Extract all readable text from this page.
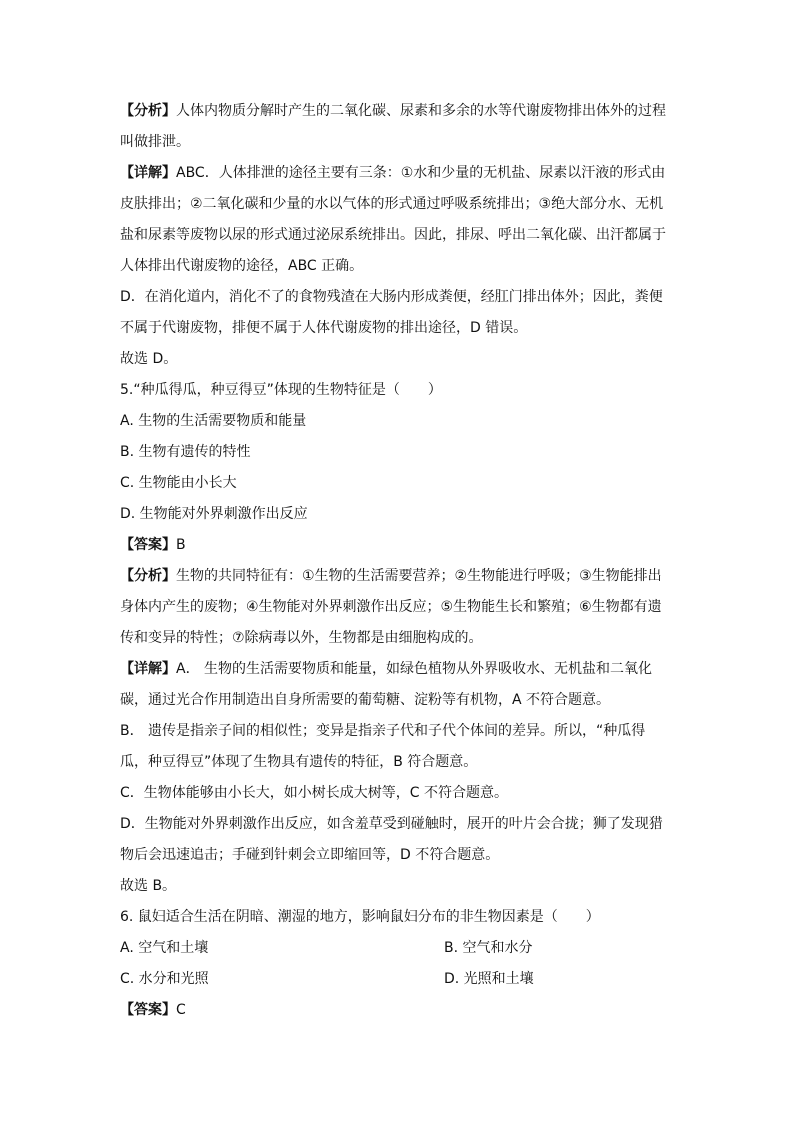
【分析】人体内物质分解时产生的二氧化碳、尿素和多余的水等代谢废物排出体外的过程
叫做排泄。
【详解】ABC．人体排泄的途径主要有三条：①水和少量的无机盐、尿素以汗液的形式由
皮肤排出；②二氧化碳和少量的水以气体的形式通过呼吸系统排出；③绝大部分水、无机
盐和尿素等废物以尿的形式通过泌尿系统排出。因此，排尿、呼出二氧化碳、出汗都属于
人体排出代谢废物的途径，ABC 正确。
D．在消化道内，消化不了的食物残渣在大肠内形成粪便，经肛门排出体外；因此，粪便
不属于代谢废物，排便不属于人体代谢废物的排出途径，D 错误。
故选 D。
5.“种瓜得瓜，种豆得豆”体现的生物特征是（　　）
A. 生物的生活需要物质和能量
B. 生物有遗传的特性
C. 生物能由小长大
D. 生物能对外界刺激作出反应
【答案】B
【分析】生物的共同特征有：①生物的生活需要营养；②生物能进行呼吸；③生物能排出
身体内产生的废物；④生物能对外界刺激作出反应；⑤生物能生长和繁殖；⑥生物都有遗
传和变异的特性；⑦除病毒以外，生物都是由细胞构成的。
【详解】A． 生物的生活需要物质和能量，如绿色植物从外界吸收水、无机盐和二氧化
碳，通过光合作用制造出自身所需要的葡萄糖、淀粉等有机物，A 不符合题意。
B． 遗传是指亲子间的相似性；变异是指亲子代和子代个体间的差异。所以，“种瓜得
瓜，种豆得豆”体现了生物具有遗传的特征，B 符合题意。
C．生物体能够由小长大，如小树长成大树等，C 不符合题意。
D．生物能对外界刺激作出反应，如含羞草受到碰触时，展开的叶片会合拢；狮了发现猎
物后会迅速追击；手碰到针刺会立即缩回等，D 不符合题意。
故选 B。
6. 鼠妇适合生活在阴暗、潮湿的地方，影响鼠妇分布的非生物因素是（　　）
A. 空气和土壤	B. 空气和水分
C. 水分和光照	D. 光照和土壤
【答案】C
